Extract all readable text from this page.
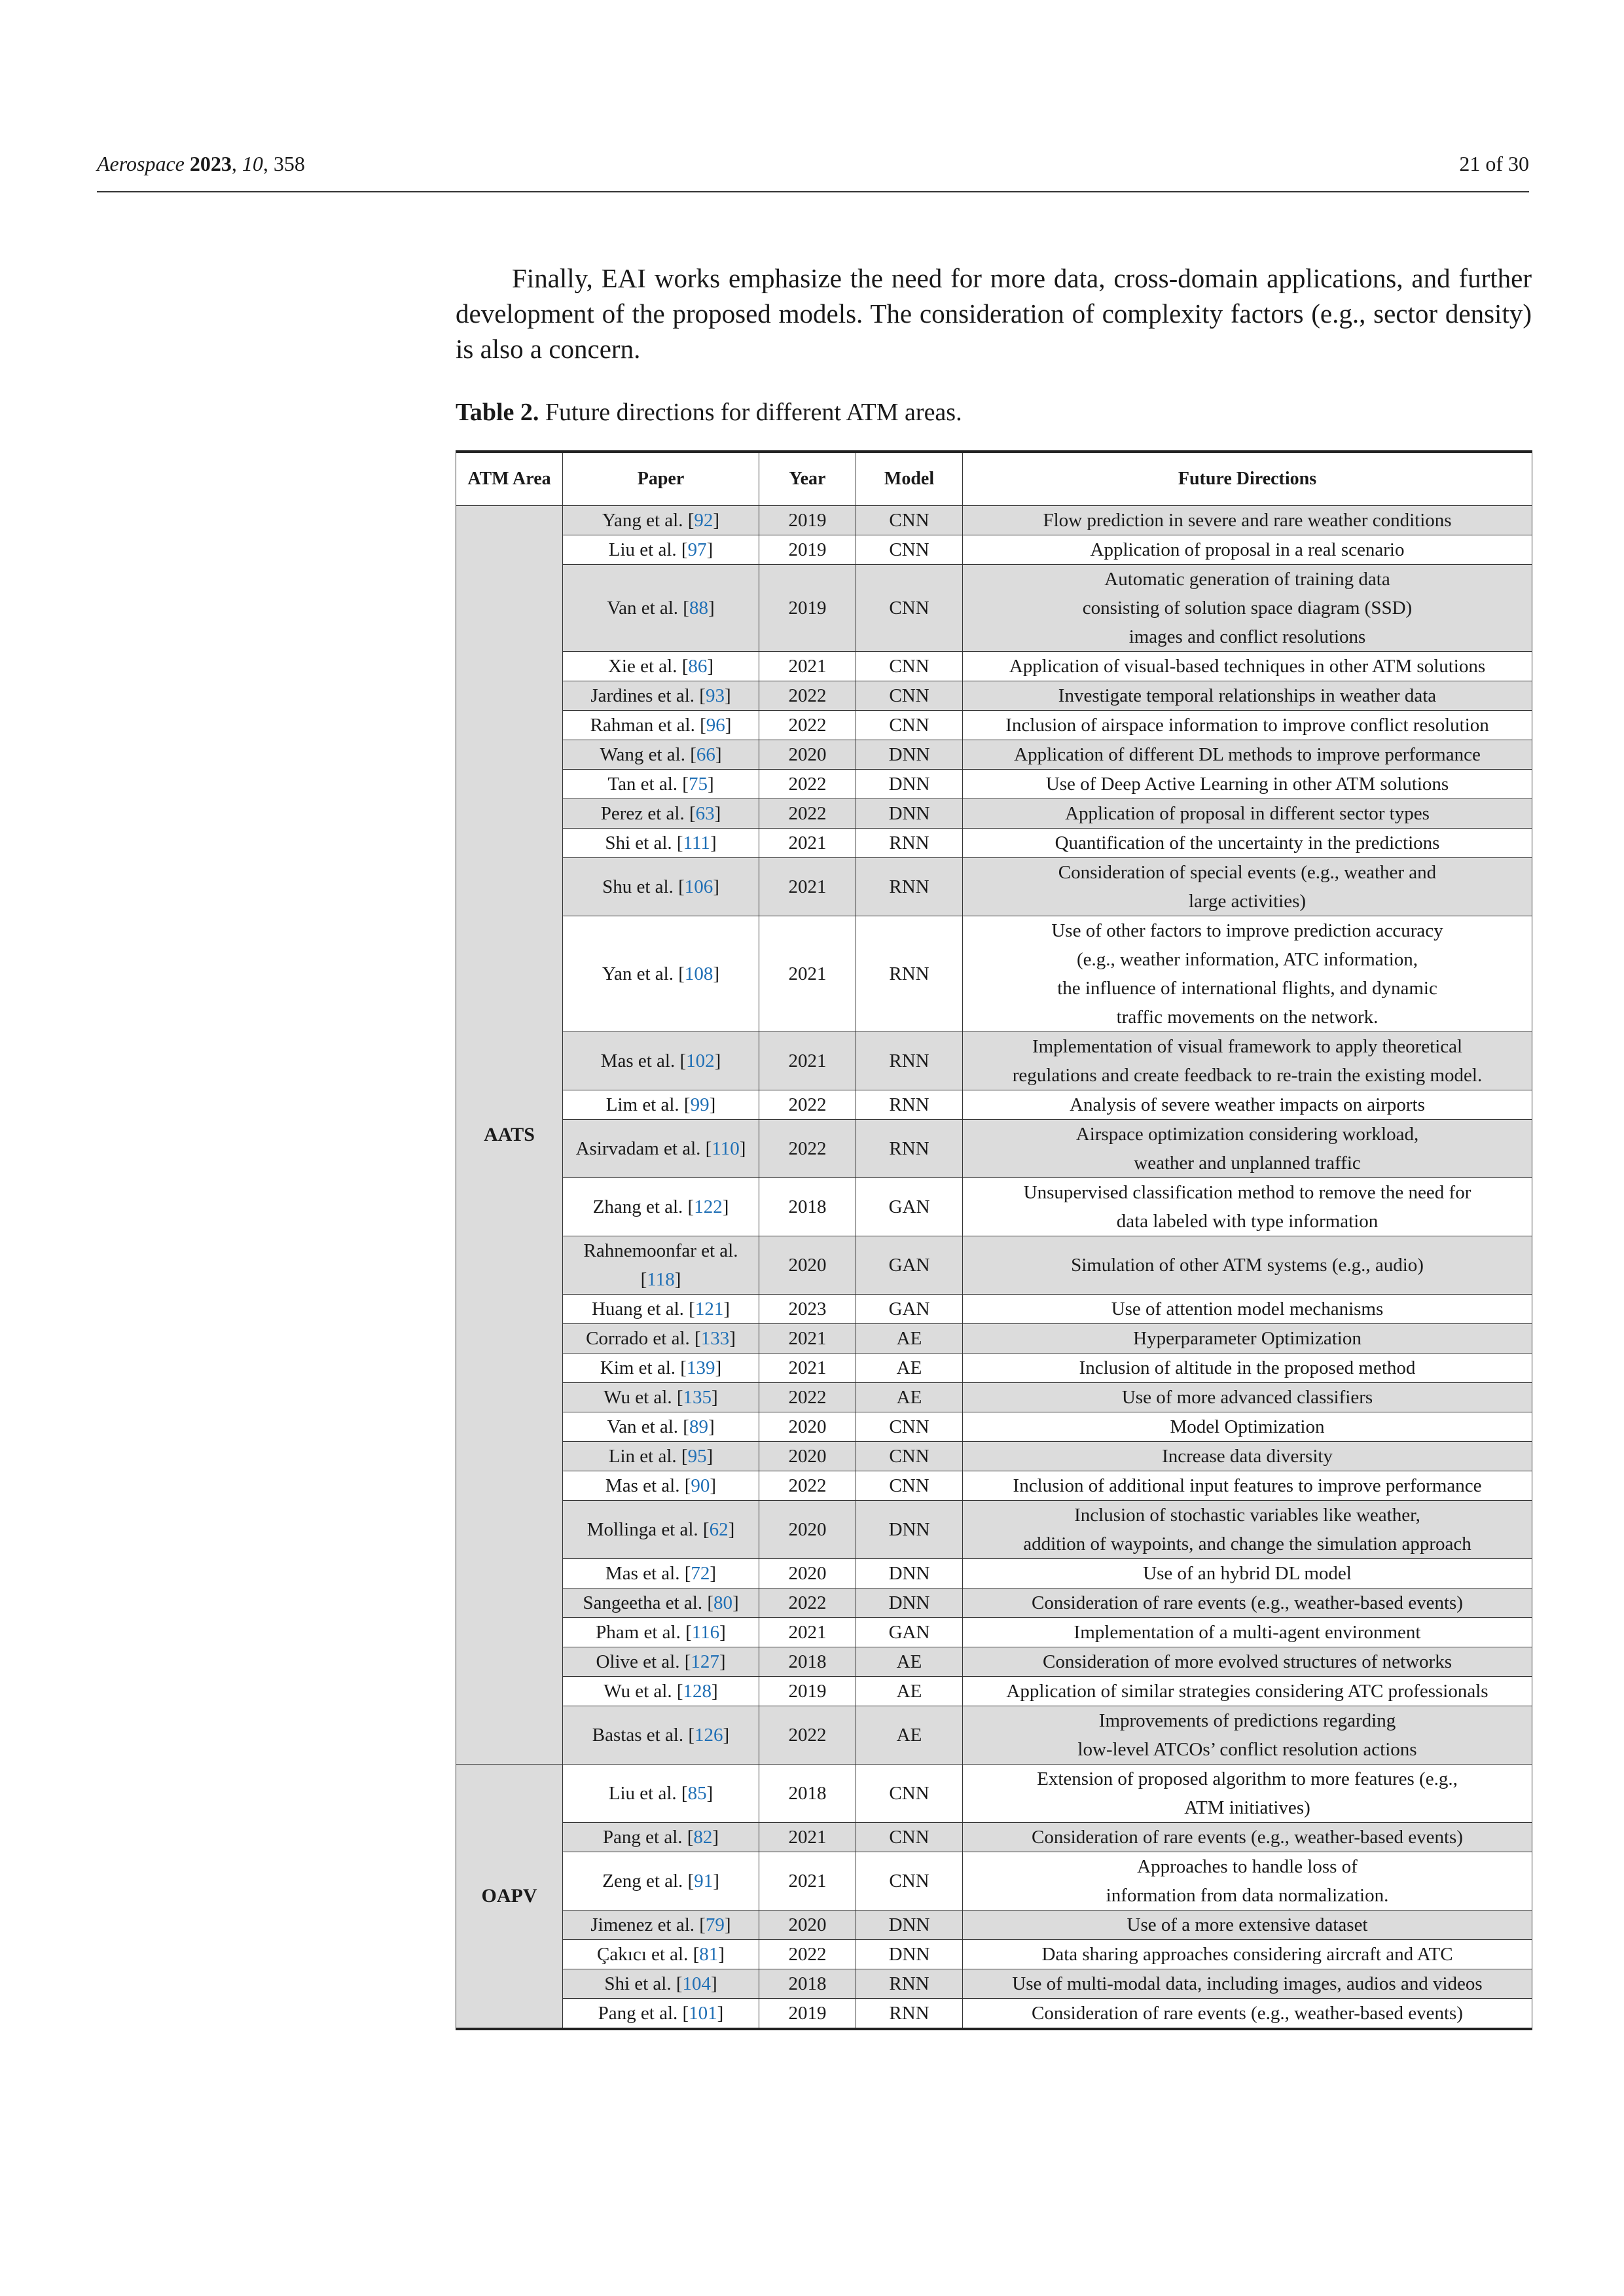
Aerospace 2023, 10, 358	21 of 30

Finally, EAI works emphasize the need for more data, cross-domain applications, and further development of the proposed models. The consideration of complexity factors (e.g., sector density) is also a concern.

Table 2. Future directions for different ATM areas.
ATM Area	Paper	Year	Model	Future Directions
AATS	Yang et al. [92]	2019	CNN	Flow prediction in severe and rare weather conditions

	Liu et al. [97]	2019	CNN	Application of proposal in a real scenario

	Van et al. [88]	2019	CNN	Automatic generation of training data
consisting of solution space diagram (SSD)
images and conflict resolutions

	Xie et al. [86]	2021	CNN	Application of visual-based techniques in other ATM solutions

	Jardines et al. [93]	2022	CNN	Investigate temporal relationships in weather data

	Rahman et al. [96]	2022	CNN	Inclusion of airspace information to improve conflict resolution

	Wang et al. [66]	2020	DNN	Application of different DL methods to improve performance

	Tan et al. [75]	2022	DNN	Use of Deep Active Learning in other ATM solutions

	Perez et al. [63]	2022	DNN	Application of proposal in different sector types

	Shi et al. [111]	2021	RNN	Quantification of the uncertainty in the predictions

	Shu et al. [106]	2021	RNN	Consideration of special events (e.g., weather and
large activities)

	Yan et al. [108]	2021	RNN	Use of other factors to improve prediction accuracy
(e.g., weather information, ATC information,
the influence of international flights, and dynamic
traffic movements on the network.

	Mas et al. [102]	2021	RNN	Implementation of visual framework to apply theoretical
regulations and create feedback to re-train the existing model.

	Lim et al. [99]	2022	RNN	Analysis of severe weather impacts on airports

	Asirvadam et al. [110]	2022	RNN	Airspace optimization considering workload,
weather and unplanned traffic

	Zhang et al. [122]	2018	GAN	Unsupervised classification method to remove the need for
data labeled with type information

	Rahnemoonfar et al. [118]	2020	GAN	Simulation of other ATM systems (e.g., audio)

	Huang et al. [121]	2023	GAN	Use of attention model mechanisms

	Corrado et al. [133]	2021	AE	Hyperparameter Optimization

	Kim et al. [139]	2021	AE	Inclusion of altitude in the proposed method

	Wu et al. [135]	2022	AE	Use of more advanced classifiers

	Van et al. [89]	2020	CNN	Model Optimization

	Lin et al. [95]	2020	CNN	Increase data diversity

	Mas et al. [90]	2022	CNN	Inclusion of additional input features to improve performance

	Mollinga et al. [62]	2020	DNN	Inclusion of stochastic variables like weather,
addition of waypoints, and change the simulation approach

	Mas et al. [72]	2020	DNN	Use of an hybrid DL model

	Sangeetha et al. [80]	2022	DNN	Consideration of rare events (e.g., weather-based events)

	Pham et al. [116]	2021	GAN	Implementation of a multi-agent environment

	Olive et al. [127]	2018	AE	Consideration of more evolved structures of networks

	Wu et al. [128]	2019	AE	Application of similar strategies considering ATC professionals

	Bastas et al. [126]	2022	AE	Improvements of predictions regarding
low-level ATCOs’ conflict resolution actions

OAPV	Liu et al. [85]	2018	CNN	Extension of proposed algorithm to more features (e.g.,
ATM initiatives)

	Pang et al. [82]	2021	CNN	Consideration of rare events (e.g., weather-based events)

	Zeng et al. [91]	2021	CNN	Approaches to handle loss of
information from data normalization.

	Jimenez et al. [79]	2020	DNN	Use of a more extensive dataset

	Çakıcı et al. [81]	2022	DNN	Data sharing approaches considering aircraft and ATC

	Shi et al. [104]	2018	RNN	Use of multi-modal data, including images, audios and videos

	Pang et al. [101]	2019	RNN	Consideration of rare events (e.g., weather-based events)
